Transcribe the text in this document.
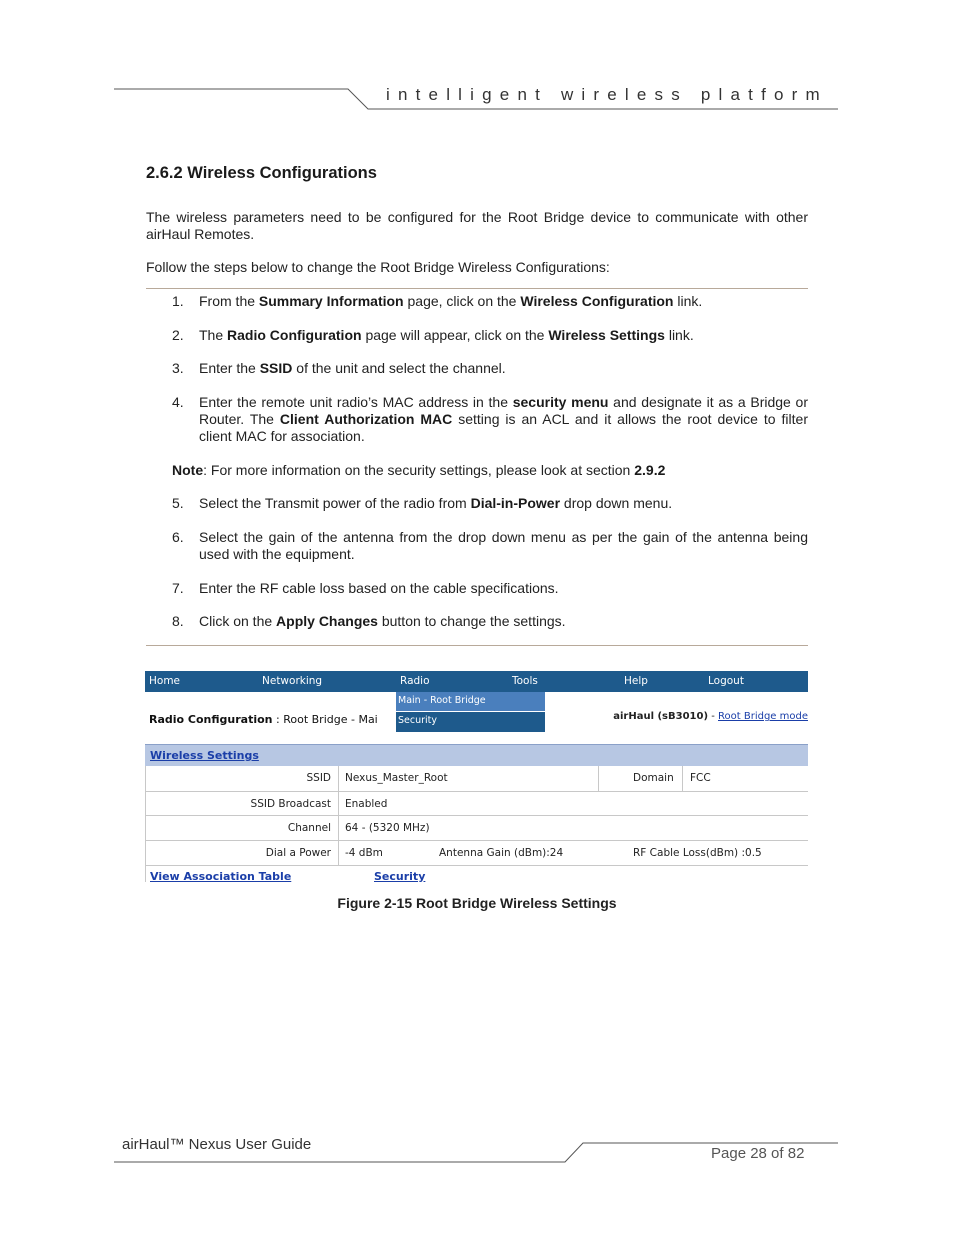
intelligent wireless platform
2.6.2 Wireless Configurations
The wireless parameters need to be configured for the Root Bridge device to communicate with other airHaul Remotes.
Follow the steps below to change the Root Bridge Wireless Configurations:
1. From the Summary Information page, click on the Wireless Configuration link.
2. The Radio Configuration page will appear, click on the Wireless Settings link.
3. Enter the SSID of the unit and select the channel.
4. Enter the remote unit radio’s MAC address in the security menu and designate it as a Bridge or Router. The Client Authorization MAC setting is an ACL and it allows the root device to filter client MAC for association.
Note: For more information on the security settings, please look at section 2.9.2
5. Select the Transmit power of the radio from Dial-in-Power drop down menu.
6. Select the gain of the antenna from the drop down menu as per the gain of the antenna being used with the equipment.
7. Enter the RF cable loss based on the cable specifications.
8. Click on the Apply Changes button to change the settings.
Home	Networking	Radio	Tools	Help	Logout
Radio Configuration : Root Bridge - Mai	airHaul (sB3010) - Root Bridge mode
Main - Root Bridge
Security
Wireless Settings
SSID Nexus_Master_Root	Domain FCC
SSID Broadcast Enabled
Channel 64 - (5320 MHz)
Dial a Power -4 dBm	Antenna Gain (dBm):24	RF Cable Loss(dBm) :0.5
View Association Table	Security
Figure 2-15 Root Bridge Wireless Settings
airHaul™ Nexus User Guide
Page 28 of 82
